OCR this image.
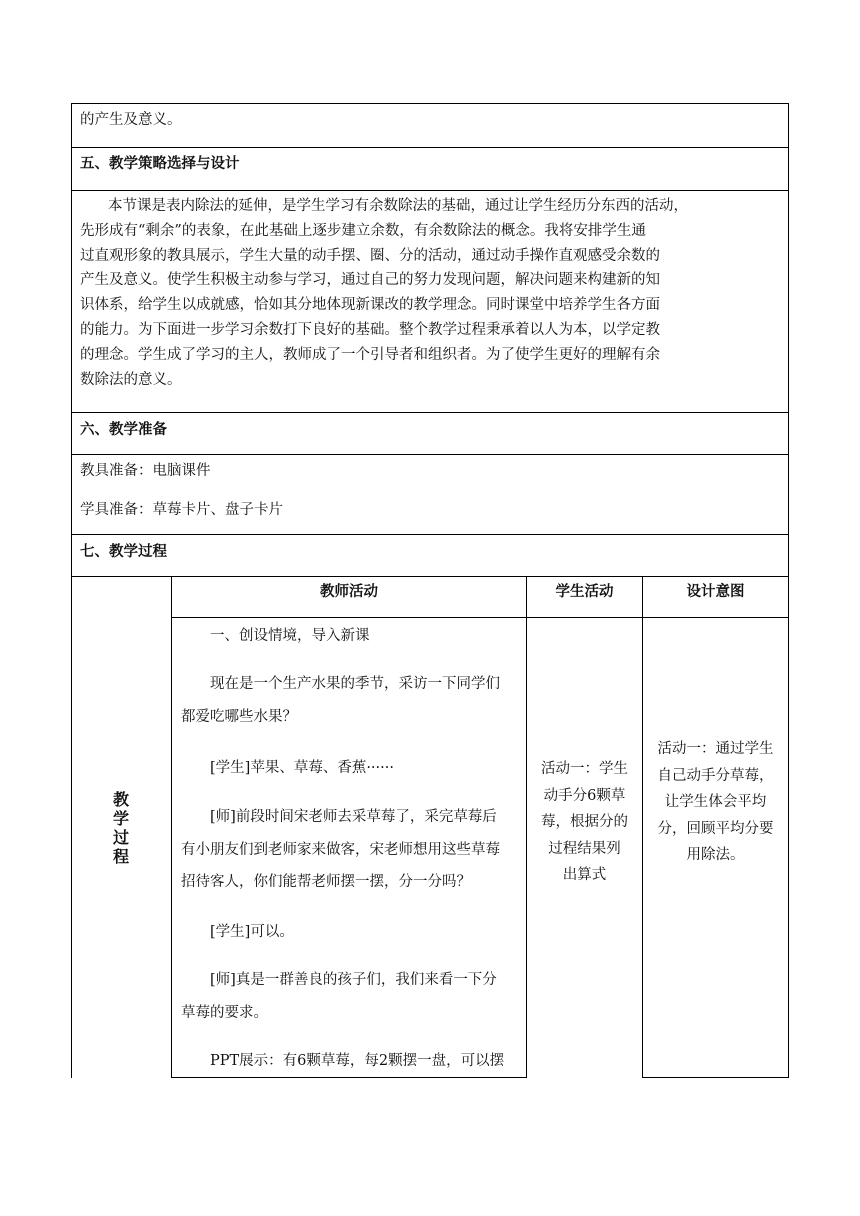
的产生及意义。
五、教学策略选择与设计
本节课是表内除法的延伸，是学生学习有余数除法的基础，通过让学生经历分东西的活动，
先形成有“剩余”的表象，在此基础上逐步建立余数，有余数除法的概念。我将安排学生通
过直观形象的教具展示，学生大量的动手摆、圈、分的活动，通过动手操作直观感受余数的
产生及意义。使学生积极主动参与学习，通过自己的努力发现问题，解决问题来构建新的知
识体系，给学生以成就感，恰如其分地体现新课改的教学理念。同时课堂中培养学生各方面
的能力。为下面进一步学习余数打下良好的基础。整个教学过程秉承着以人为本，以学定教
的理念。学生成了学习的主人，教师成了一个引导者和组织者。为了使学生更好的理解有余
数除法的意义。
六、教学准备
教具准备：电脑课件
学具准备：草莓卡片、盘子卡片
七、教学过程
教
学
过
程
教师活动	学生活动	设计意图
一、创设情境，导入新课
现在是一个生产水果的季节，采访一下同学们
都爱吃哪些水果？
[学生]苹果、草莓、香蕉······
[师]前段时间宋老师去采草莓了，采完草莓后
有小朋友们到老师家来做客，宋老师想用这些草莓
招待客人，你们能帮老师摆一摆，分一分吗？
[学生]可以。
[师]真是一群善良的孩子们，我们来看一下分
草莓的要求。
PPT展示：有6颗草莓，每2颗摆一盘，可以摆
活动一：学生
动手分6颗草
莓，根据分的
过程结果列
出算式
活动一：通过学生
自己动手分草莓，
让学生体会平均
分，回顾平均分要
用除法。
